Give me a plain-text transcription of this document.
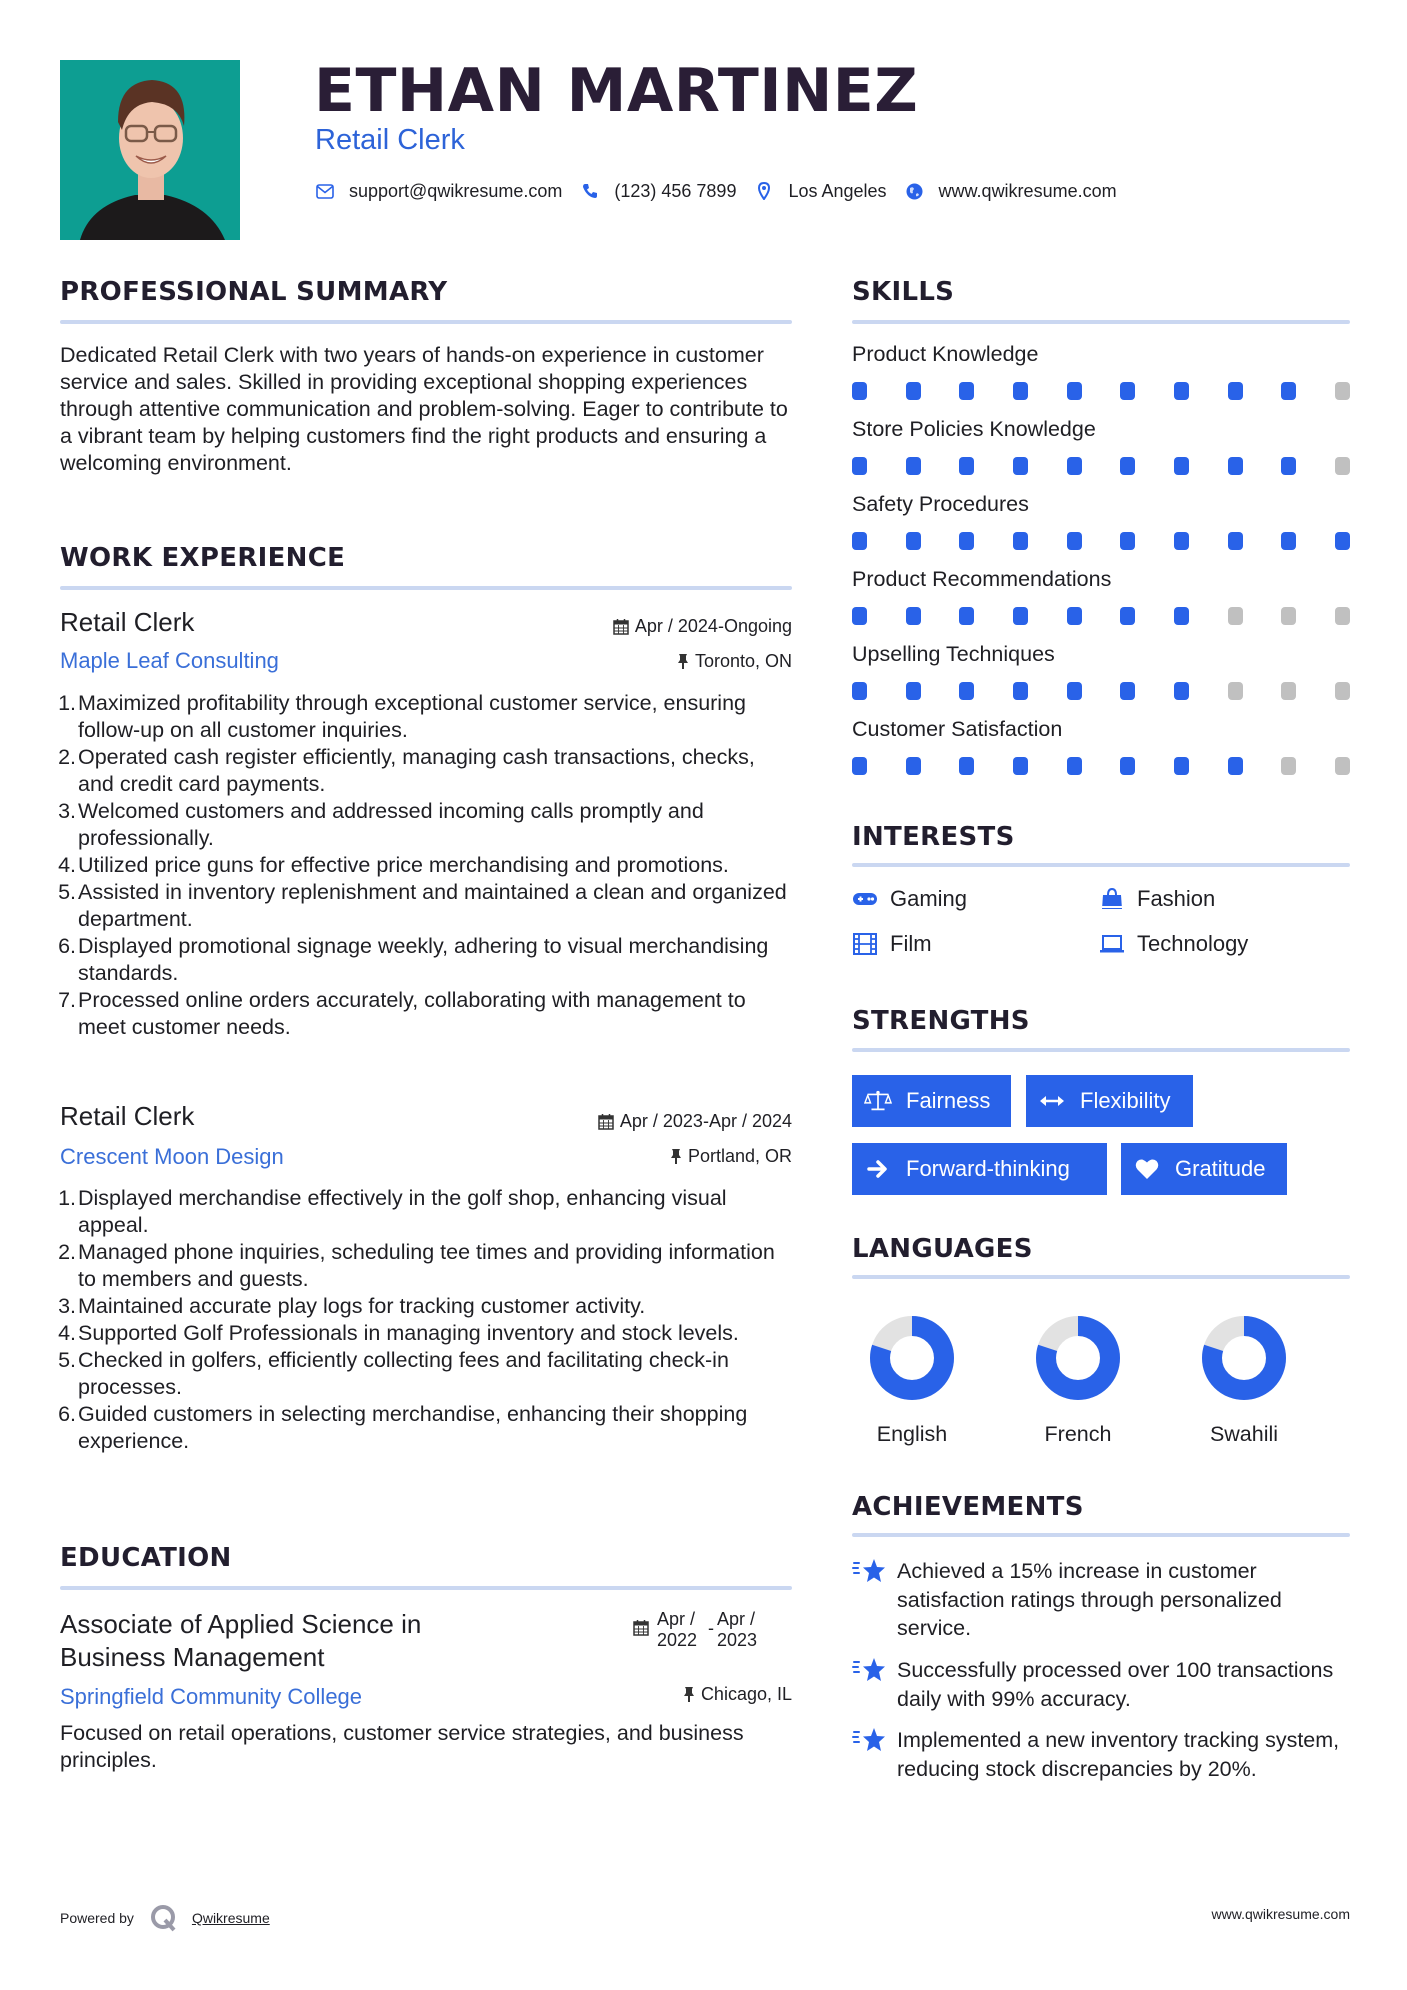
ETHAN MARTINEZ
Retail Clerk
support@qwikresume.com	(123) 456 7899	Los Angeles	www.qwikresume.com
PROFESSIONAL SUMMARY
Dedicated Retail Clerk with two years of hands-on experience in customer service and sales. Skilled in providing exceptional shopping experiences through attentive communication and problem-solving. Eager to contribute to a vibrant team by helping customers find the right products and ensuring a welcoming environment.
WORK EXPERIENCE
Retail Clerk	Apr / 2024-Ongoing
Maple Leaf Consulting	Toronto, ON
1. Maximized profitability through exceptional customer service, ensuring follow-up on all customer inquiries.
2. Operated cash register efficiently, managing cash transactions, checks, and credit card payments.
3. Welcomed customers and addressed incoming calls promptly and professionally.
4. Utilized price guns for effective price merchandising and promotions.
5. Assisted in inventory replenishment and maintained a clean and organized department.
6. Displayed promotional signage weekly, adhering to visual merchandising standards.
7. Processed online orders accurately, collaborating with management to meet customer needs.
Retail Clerk	Apr / 2023-Apr / 2024
Crescent Moon Design	Portland, OR
1. Displayed merchandise effectively in the golf shop, enhancing visual appeal.
2. Managed phone inquiries, scheduling tee times and providing information to members and guests.
3. Maintained accurate play logs for tracking customer activity.
4. Supported Golf Professionals in managing inventory and stock levels.
5. Checked in golfers, efficiently collecting fees and facilitating check-in processes.
6. Guided customers in selecting merchandise, enhancing their shopping experience.
EDUCATION
Associate of Applied Science in
Business Management
Apr /
2022
- Apr /
2023
Springfield Community College	Chicago, IL
Focused on retail operations, customer service strategies, and business principles.
SKILLS
Product Knowledge
Store Policies Knowledge
Safety Procedures
Product Recommendations
Upselling Techniques
Customer Satisfaction
INTERESTS
Gaming	Fashion
Film	Technology
STRENGTHS
Fairness	Flexibility
Forward-thinking	Gratitude
LANGUAGES
English	French	Swahili
ACHIEVEMENTS
Achieved a 15% increase in customer satisfaction ratings through personalized service.
Successfully processed over 100 transactions daily with 99% accuracy.
Implemented a new inventory tracking system, reducing stock discrepancies by 20%.
Powered by	Qwikresume	www.qwikresume.com
